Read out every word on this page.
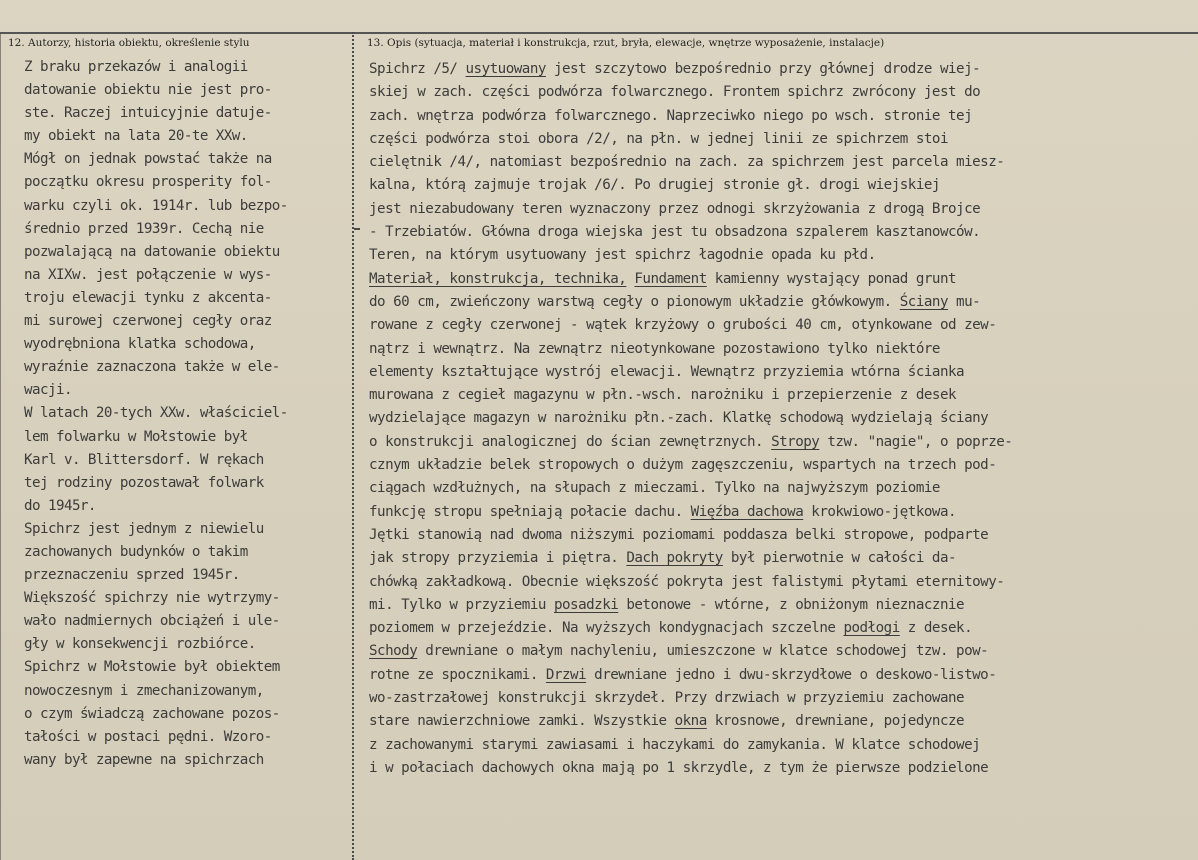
12. Autorzy, historia obiektu, określenie stylu	13. Opis (sytuacja, materiał i konstrukcja, rzut, bryła, elewacje, wnętrze wyposażenie, instalacje)
Z braku przekazów i analogii
datowanie obiektu nie jest pro-
ste. Raczej intuicyjnie datuje-
my obiekt na lata 20-te XXw.
Mógł on jednak powstać także na
początku okresu prosperity fol-
warku czyli ok. 1914r. lub bezpo-
średnio przed 1939r. Cechą nie
pozwalającą na datowanie obiektu
na XIXw. jest połączenie w wys-
troju elewacji tynku z akcenta-
mi surowej czerwonej cegły oraz
wyodrębniona klatka schodowa,
wyraźnie zaznaczona także w ele-
wacji.
W latach 20-tych XXw. właściciel-
lem folwarku w Mołstowie był
Karl v. Blittersdorf. W rękach
tej rodziny pozostawał folwark
do 1945r.
Spichrz jest jednym z niewielu
zachowanych budynków o takim
przeznaczeniu sprzed 1945r.
Większość spichrzy nie wytrzymy-
wało nadmiernych obciążeń i ule-
gły w konsekwencji rozbiórce.
Spichrz w Mołstowie był obiektem
nowoczesnym i zmechanizowanym,
o czym świadczą zachowane pozos-
tałości w postaci pędni. Wzoro-
wany był zapewne na spichrzach
Spichrz /5/ usytuowany jest szczytowo bezpośrednio przy głównej drodze wiej-
skiej w zach. części podwórza folwarcznego. Frontem spichrz zwrócony jest do
zach. wnętrza podwórza folwarcznego. Naprzeciwko niego po wsch. stronie tej
części podwórza stoi obora /2/, na płn. w jednej linii ze spichrzem stoi
cielętnik /4/, natomiast bezpośrednio na zach. za spichrzem jest parcela miesz-
kalna, którą zajmuje trojak /6/. Po drugiej stronie gł. drogi wiejskiej
jest niezabudowany teren wyznaczony przez odnogi skrzyżowania z drogą Brojce
- Trzebiatów. Główna droga wiejska jest tu obsadzona szpalerem kasztanowców.
Teren, na którym usytuowany jest spichrz łagodnie opada ku płd.
Materiał, konstrukcja, technika, Fundament kamienny wystający ponad grunt
do 60 cm, zwieńczony warstwą cegły o pionowym układzie główkowym. Ściany mu-
rowane z cegły czerwonej - wątek krzyżowy o grubości 40 cm, otynkowane od zew-
nątrz i wewnątrz. Na zewnątrz nieotynkowane pozostawiono tylko niektóre
elementy kształtujące wystrój elewacji. Wewnątrz przyziemia wtórna ścianka
murowana z cegieł magazynu w płn.-wsch. narożniku i przepierzenie z desek
wydzielające magazyn w narożniku płn.-zach. Klatkę schodową wydzielają ściany
o konstrukcji analogicznej do ścian zewnętrznych. Stropy tzw. "nagie", o poprze-
cznym układzie belek stropowych o dużym zagęszczeniu, wspartych na trzech pod-
ciągach wzdłużnych, na słupach z mieczami. Tylko na najwyższym poziomie
funkcję stropu spełniają połacie dachu. Więźba dachowa krokwiowo-jętkowa.
Jętki stanowią nad dwoma niższymi poziomami poddasza belki stropowe, podparte
jak stropy przyziemia i piętra. Dach pokryty był pierwotnie w całości da-
chówką zakładkową. Obecnie większość pokryta jest falistymi płytami eternitowy-
mi. Tylko w przyziemiu posadzki betonowe - wtórne, z obniżonym nieznacznie
poziomem w przejeździe. Na wyższych kondygnacjach szczelne podłogi z desek.
Schody drewniane o małym nachyleniu, umieszczone w klatce schodowej tzw. pow-
rotne ze spocznikami. Drzwi drewniane jedno i dwu-skrzydłowe o deskowo-listwo-
wo-zastrzałowej konstrukcji skrzydeł. Przy drzwiach w przyziemiu zachowane
stare nawierzchniowe zamki. Wszystkie okna krosnowe, drewniane, pojedyncze
z zachowanymi starymi zawiasami i haczykami do zamykania. W klatce schodowej
i w połaciach dachowych okna mają po 1 skrzydle, z tym że pierwsze podzielone
